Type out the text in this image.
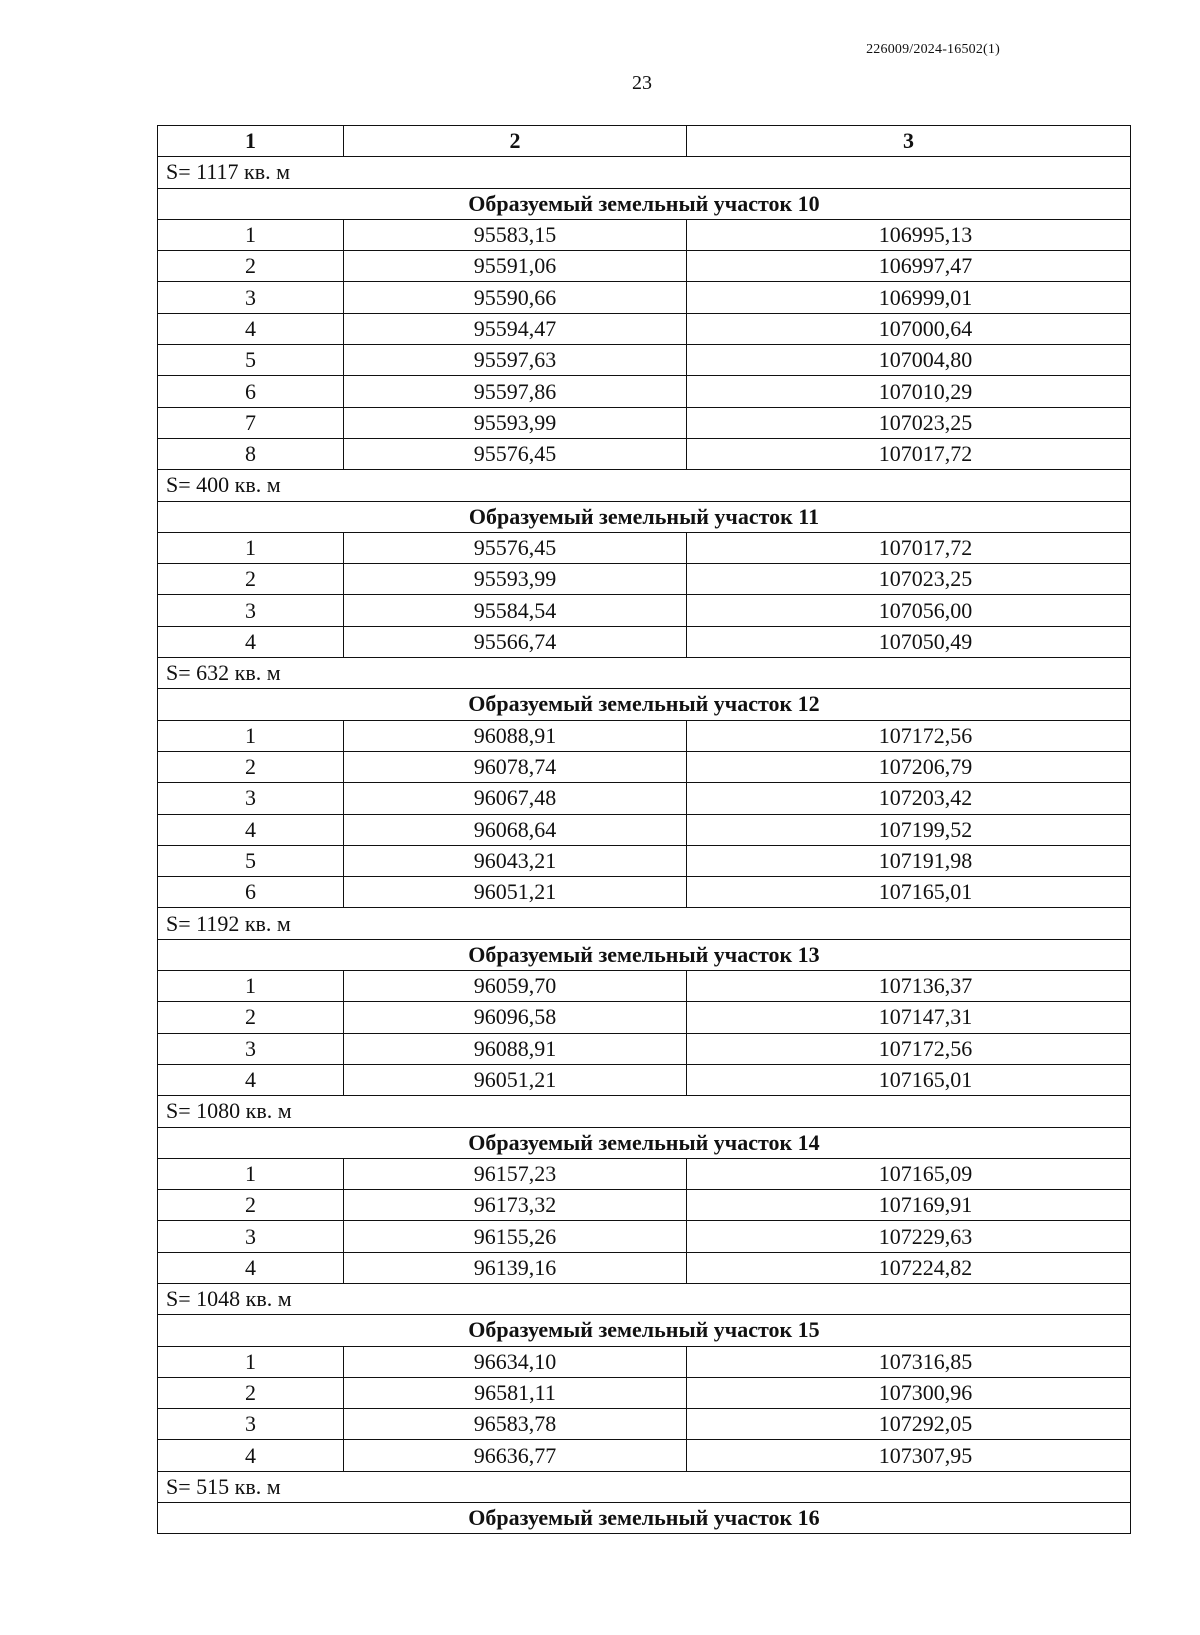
226009/2024-16502(1)
23
1	2	3
S= 1117 кв. м		
Образуемый земельный участок 10		
1	95583,15	106995,13
2	95591,06	106997,47
3	95590,66	106999,01
4	95594,47	107000,64
5	95597,63	107004,80
6	95597,86	107010,29
7	95593,99	107023,25
8	95576,45	107017,72
S= 400 кв. м		
Образуемый земельный участок 11		
1	95576,45	107017,72
2	95593,99	107023,25
3	95584,54	107056,00
4	95566,74	107050,49
S= 632 кв. м		
Образуемый земельный участок 12		
1	96088,91	107172,56
2	96078,74	107206,79
3	96067,48	107203,42
4	96068,64	107199,52
5	96043,21	107191,98
6	96051,21	107165,01
S= 1192 кв. м		
Образуемый земельный участок 13		
1	96059,70	107136,37
2	96096,58	107147,31
3	96088,91	107172,56
4	96051,21	107165,01
S= 1080 кв. м		
Образуемый земельный участок 14		
1	96157,23	107165,09
2	96173,32	107169,91
3	96155,26	107229,63
4	96139,16	107224,82
S= 1048 кв. м		
Образуемый земельный участок 15		
1	96634,10	107316,85
2	96581,11	107300,96
3	96583,78	107292,05
4	96636,77	107307,95
S= 515 кв. м		
Образуемый земельный участок 16		
